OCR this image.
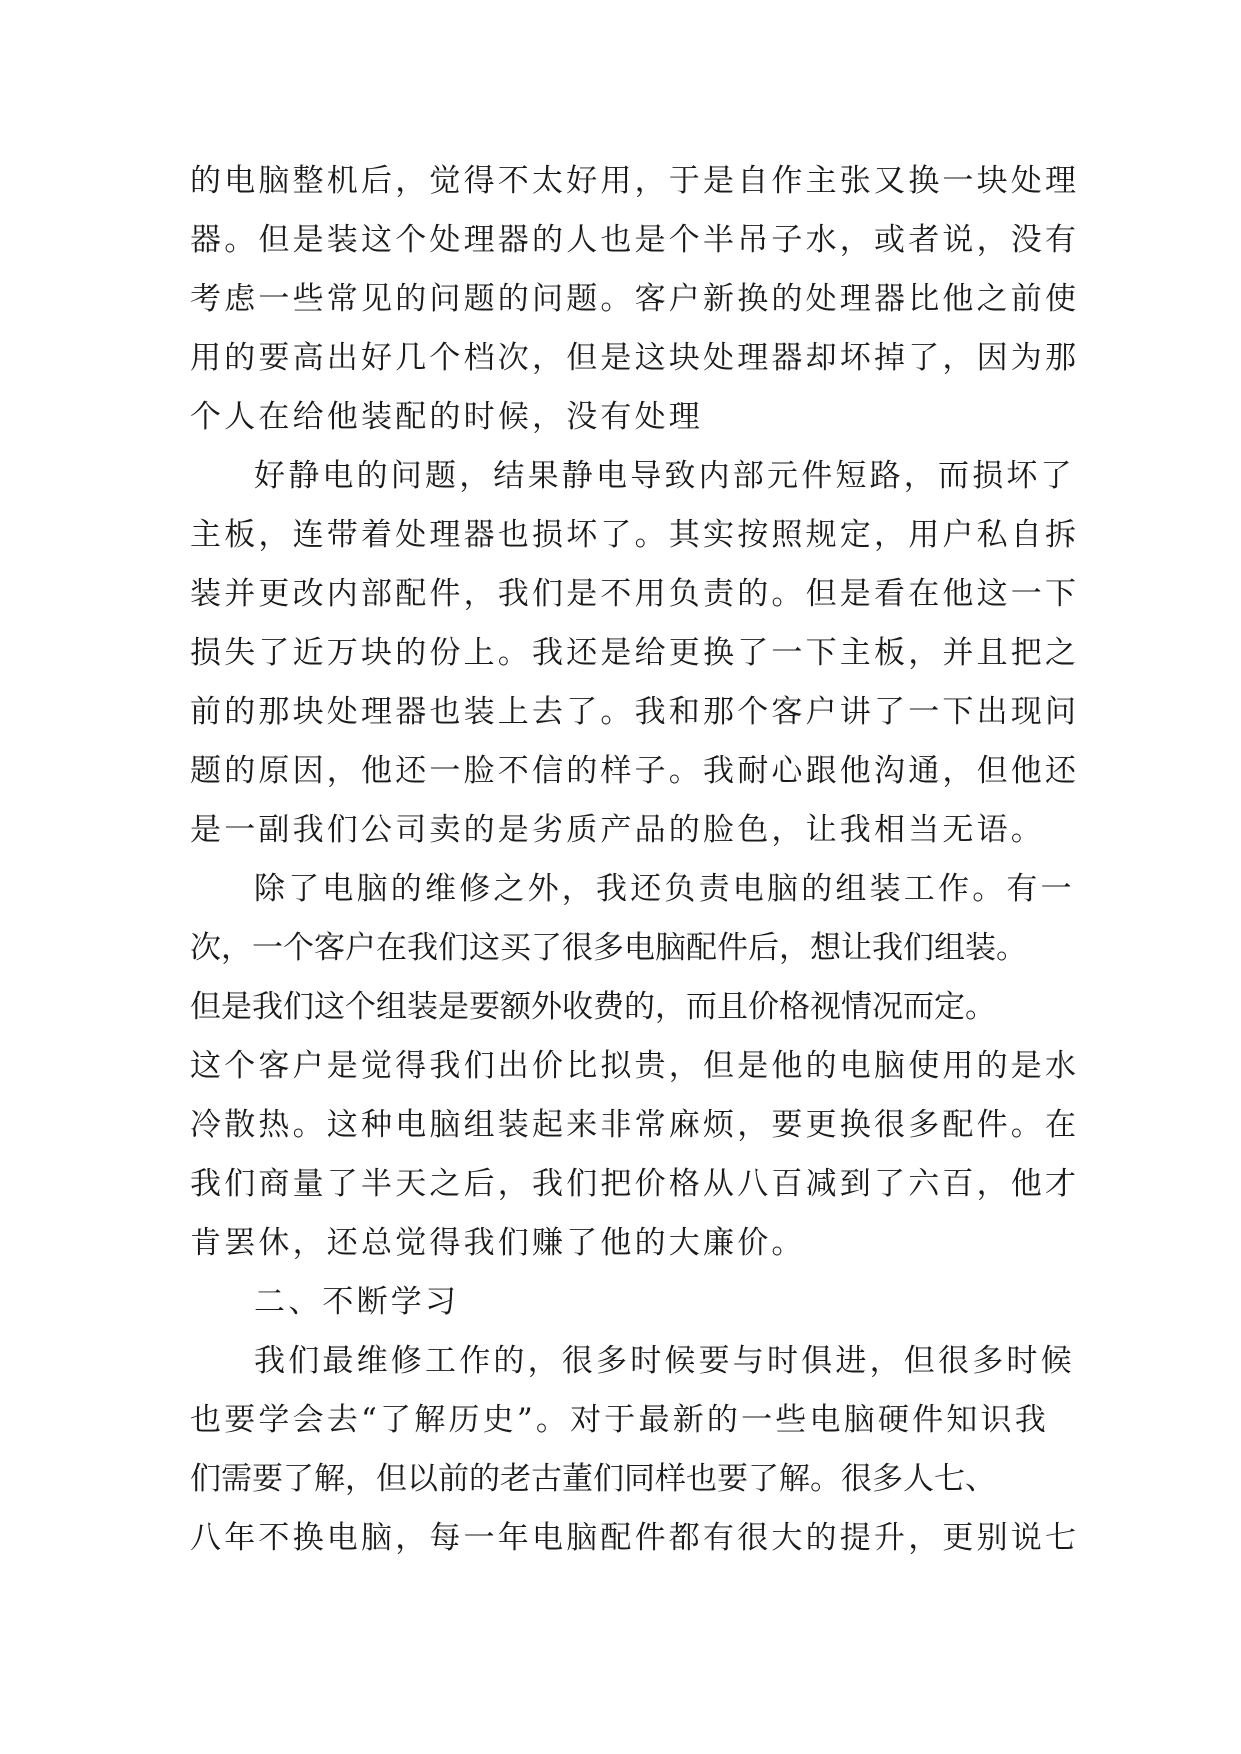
的电脑整机后，觉得不太好用，于是自作主张又换一块处理
器。但是装这个处理器的人也是个半吊子水，或者说，没有
考虑一些常见的问题的问题。客户新换的处理器比他之前使
用的要高出好几个档次，但是这块处理器却坏掉了，因为那
个人在给他装配的时候，没有处理
好静电的问题，结果静电导致内部元件短路，而损坏了
主板，连带着处理器也损坏了。其实按照规定，用户私自拆
装并更改内部配件，我们是不用负责的。但是看在他这一下
损失了近万块的份上。我还是给更换了一下主板，并且把之
前的那块处理器也装上去了。我和那个客户讲了一下出现问
题的原因，他还一脸不信的样子。我耐心跟他沟通，但他还
是一副我们公司卖的是劣质产品的脸色，让我相当无语。
除了电脑的维修之外，我还负责电脑的组装工作。有一
次，一个客户在我们这买了很多电脑配件后，想让我们组装。
但是我们这个组装是要额外收费的，而且价格视情况而定。
这个客户是觉得我们出价比拟贵，但是他的电脑使用的是水
冷散热。这种电脑组装起来非常麻烦，要更换很多配件。在
我们商量了半天之后，我们把价格从八百减到了六百，他才
肯罢休，还总觉得我们赚了他的大廉价。
二、不断学习
我们最维修工作的，很多时候要与时俱进，但很多时候
也要学会去“了解历史”。对于最新的一些电脑硬件知识我
们需要了解，但以前的老古董们同样也要了解。很多人七、
八年不换电脑，每一年电脑配件都有很大的提升，更别说七
